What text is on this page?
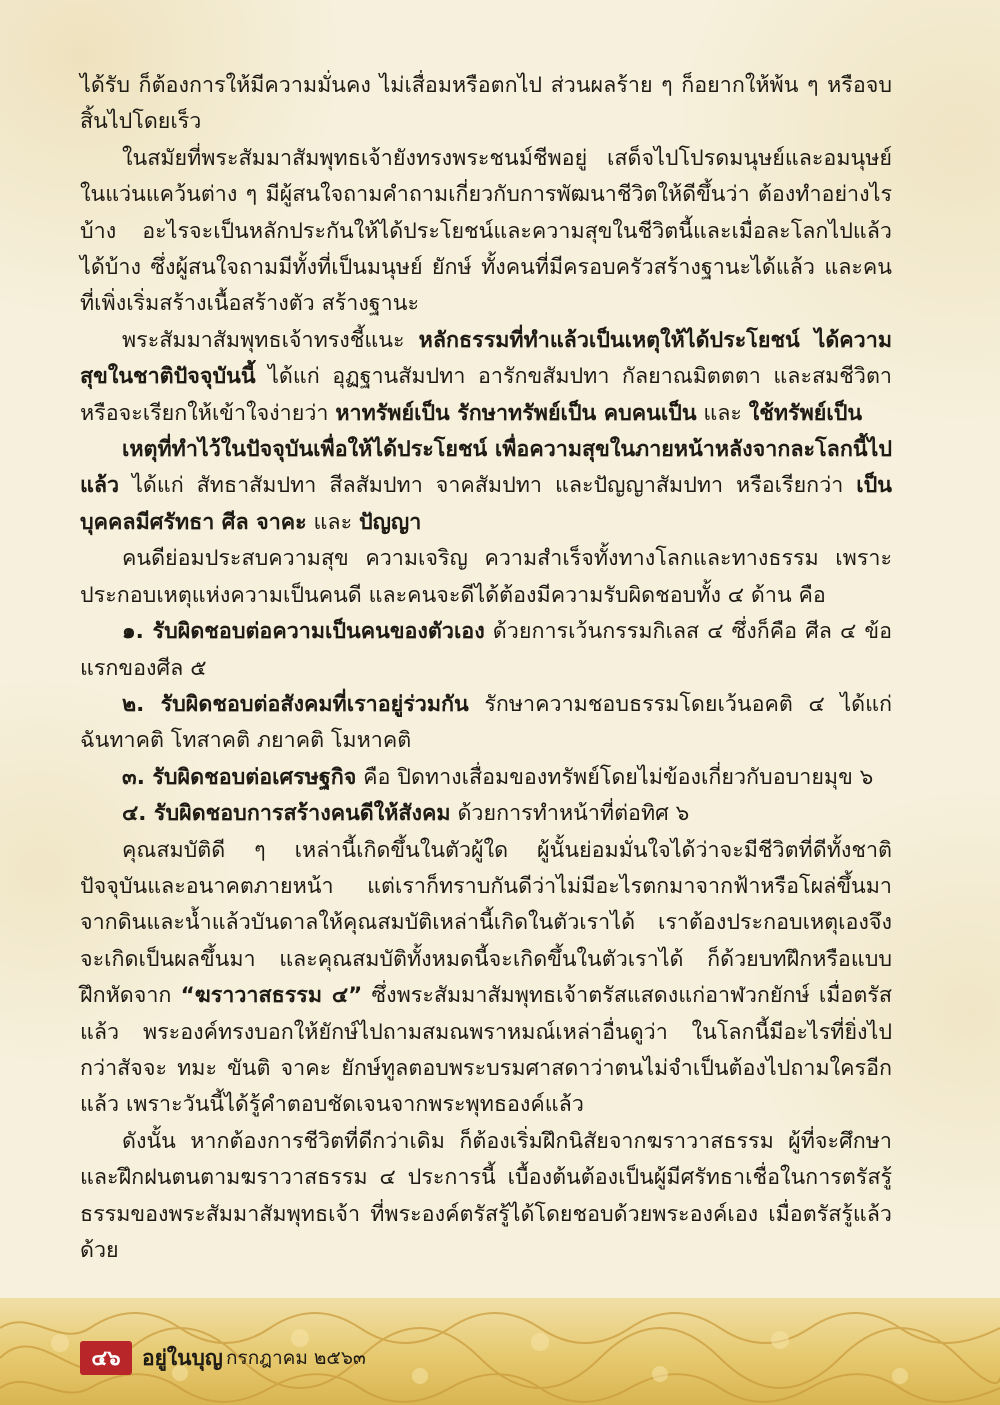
ได้รับ ก็ต้องการให้มีความมั่นคง ไม่เสื่อมหรือตกไป ส่วนผลร้าย ๆ ก็อยากให้พ้น ๆ หรือจบสิ้นไปโดยเร็ว

ในสมัยที่พระสัมมาสัมพุทธเจ้ายังทรงพระชนม์ชีพอยู่ เสด็จไปโปรดมนุษย์และอมนุษย์ในแว่นแคว้นต่าง ๆ มีผู้สนใจถามคำถามเกี่ยวกับการพัฒนาชีวิตให้ดีขึ้นว่า ต้องทำอย่างไรบ้าง อะไรจะเป็นหลักประกันให้ได้ประโยชน์และความสุขในชีวิตนี้และเมื่อละโลกไปแล้วได้บ้าง ซึ่งผู้สนใจถามมีทั้งที่เป็นมนุษย์ ยักษ์ ทั้งคนที่มีครอบครัวสร้างฐานะได้แล้ว และคนที่เพิ่งเริ่มสร้างเนื้อสร้างตัว สร้างฐานะ

พระสัมมาสัมพุทธเจ้าทรงชี้แนะ หลักธรรมที่ทำแล้วเป็นเหตุให้ได้ประโยชน์ ได้ความสุขในชาติปัจจุบันนี้ ได้แก่ อุฏฐานสัมปทา อารักขสัมปทา กัลยาณมิตตตา และสมชีวิตา หรือจะเรียกให้เข้าใจง่ายว่า หาทรัพย์เป็น รักษาทรัพย์เป็น คบคนเป็น และ ใช้ทรัพย์เป็น

เหตุที่ทำไว้ในปัจจุบันเพื่อให้ได้ประโยชน์ เพื่อความสุขในภายหน้าหลังจากละโลกนี้ไปแล้ว ได้แก่ สัทธาสัมปทา สีลสัมปทา จาคสัมปทา และปัญญาสัมปทา หรือเรียกว่า เป็นบุคคลมีศรัทธา ศีล จาคะ และ ปัญญา

คนดีย่อมประสบความสุข ความเจริญ ความสำเร็จทั้งทางโลกและทางธรรม เพราะประกอบเหตุแห่งความเป็นคนดี และคนจะดีได้ต้องมีความรับผิดชอบทั้ง ๔ ด้าน คือ

๑. รับผิดชอบต่อความเป็นคนของตัวเอง ด้วยการเว้นกรรมกิเลส ๔ ซึ่งก็คือ ศีล ๔ ข้อแรกของศีล ๕

๒. รับผิดชอบต่อสังคมที่เราอยู่ร่วมกัน รักษาความชอบธรรมโดยเว้นอคติ ๔ ได้แก่ ฉันทาคติ โทสาคติ ภยาคติ โมหาคติ

๓. รับผิดชอบต่อเศรษฐกิจ คือ ปิดทางเสื่อมของทรัพย์โดยไม่ข้องเกี่ยวกับอบายมุข ๖

๔. รับผิดชอบการสร้างคนดีให้สังคม ด้วยการทำหน้าที่ต่อทิศ ๖

คุณสมบัติดี ๆ เหล่านี้เกิดขึ้นในตัวผู้ใด ผู้นั้นย่อมมั่นใจได้ว่าจะมีชีวิตที่ดีทั้งชาติปัจจุบันและอนาคตภายหน้า แต่เราก็ทราบกันดีว่าไม่มีอะไรตกมาจากฟ้าหรือโผล่ขึ้นมาจากดินและน้ำแล้วบันดาลให้คุณสมบัติเหล่านี้เกิดในตัวเราได้ เราต้องประกอบเหตุเองจึงจะเกิดเป็นผลขึ้นมา และคุณสมบัติทั้งหมดนี้จะเกิดขึ้นในตัวเราได้ ก็ด้วยบทฝึกหรือแบบฝึกหัดจาก “ฆราวาสธรรม ๔” ซึ่งพระสัมมาสัมพุทธเจ้าตรัสแสดงแก่อาฬวกยักษ์ เมื่อตรัสแล้ว พระองค์ทรงบอกให้ยักษ์ไปถามสมณพราหมณ์เหล่าอื่นดูว่า ในโลกนี้มีอะไรที่ยิ่งไปกว่าสัจจะ ทมะ ขันติ จาคะ ยักษ์ทูลตอบพระบรมศาสดาว่าตนไม่จำเป็นต้องไปถามใครอีกแล้ว เพราะวันนี้ได้รู้คำตอบชัดเจนจากพระพุทธองค์แล้ว

ดังนั้น หากต้องการชีวิตที่ดีกว่าเดิม ก็ต้องเริ่มฝึกนิสัยจากฆราวาสธรรม ผู้ที่จะศึกษาและฝึกฝนตนตามฆราวาสธรรม ๔ ประการนี้ เบื้องต้นต้องเป็นผู้มีศรัทธาเชื่อในการตรัสรู้ธรรมของพระสัมมาสัมพุทธเจ้า ที่พระองค์ตรัสรู้ได้โดยชอบด้วยพระองค์เอง เมื่อตรัสรู้แล้ว ด้วย

๔๖	อยู่ในบุญ กรกฎาคม ๒๕๖๓
